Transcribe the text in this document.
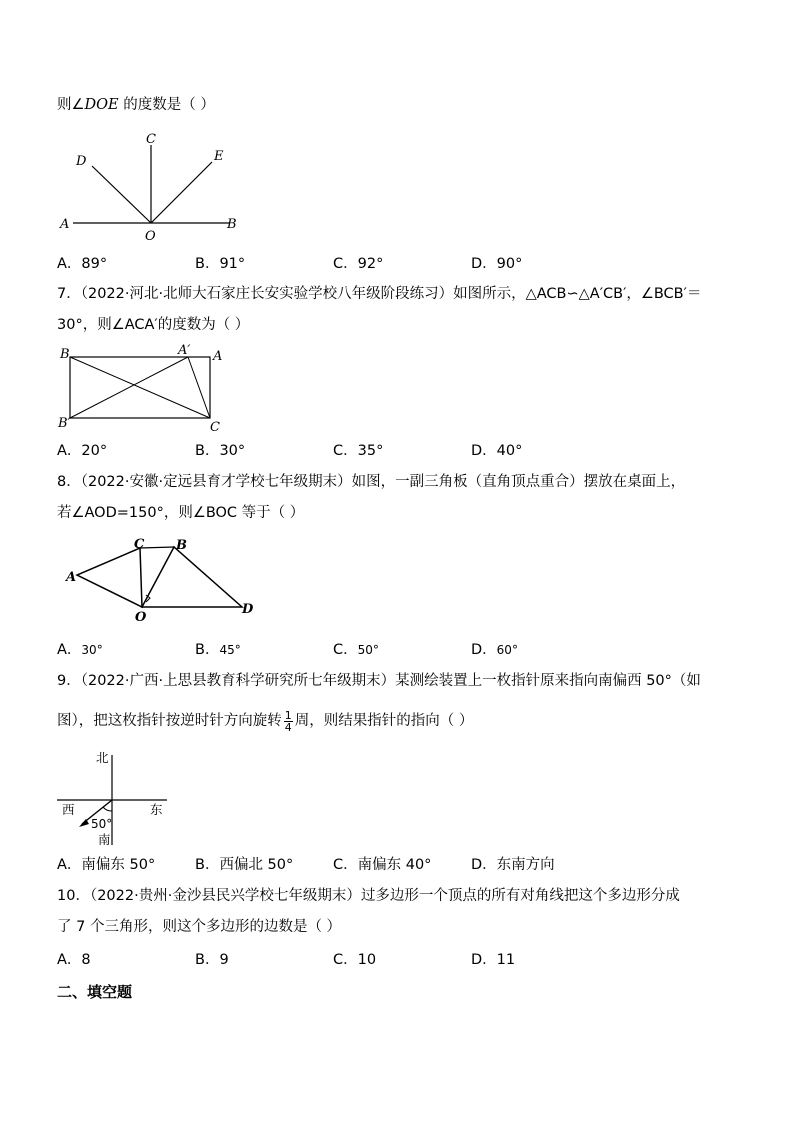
则∠DOE 的度数是（ ）
A	B
C
D	E
O
A．89°	B．91°	C．92°	D．90°
7．（2022·河北·北师大石家庄长安实验学校八年级阶段练习）如图所示，△ACB∽△A′CB′，∠BCB′＝
30°，则∠ACA′的度数为（ ）
B	A′ A
B′	C
A．20°	B．30°	C．35°	D．40°
8．（2022·安徽·定远县育才学校七年级期末）如图，一副三角板（直角顶点重合）摆放在桌面上，
若∠AOD=150°，则∠BOC 等于（ ）
C B
A
D
O
A．30°	B．45°	C．50°	D．60°
9．（2022·广西·上思县教育科学研究所七年级期末）某测绘装置上一枚指针原来指向南偏西 50°（如
图），把这枚指针按逆时针方向旋转 $\frac{1}{4}$ 周，则结果指针的指向（ ）
北
西	东
50°
南
A．南偏东 50°	B．西偏北 50°	C．南偏东 40°	D．东南方向
10．（2022·贵州·金沙县民兴学校七年级期末）过多边形一个顶点的所有对角线把这个多边形分成
了 7 个三角形，则这个多边形的边数是（ ）
A．8	B．9	C．10	D．11
二、填空题
